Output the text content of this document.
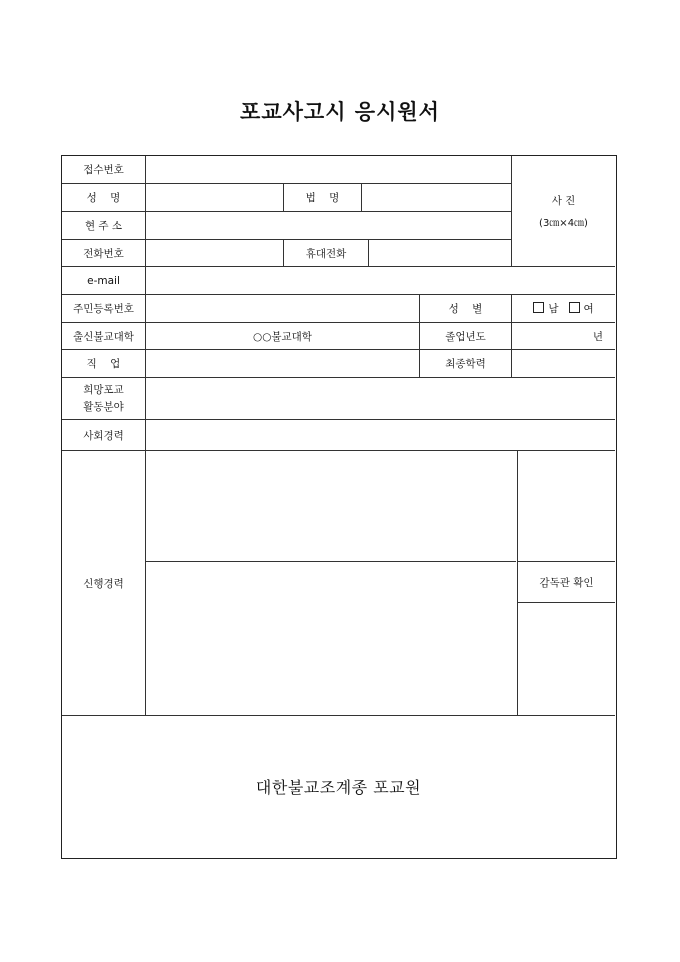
포교사고시 응시원서
접수번호
사 진
(3㎝×4㎝)
성    명	법    명
현 주 소
전화번호	휴대전화
e-mail
주민등록번호	성    별	남	여
출신불교대학	○○불교대학	졸업년도	년
직    업	최종학력
희망포교
활동분야
사회경력
신행경력	감독관 확인
대한불교조계종 포교원
